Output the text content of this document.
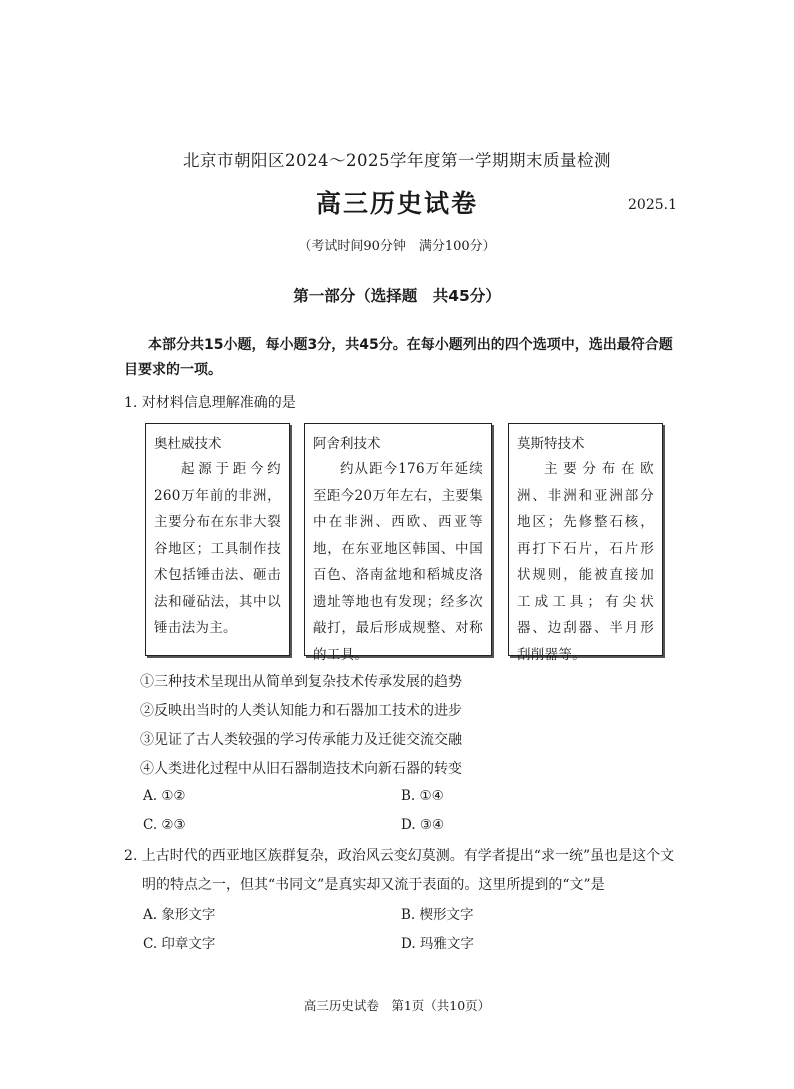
北京市朝阳区2024～2025学年度第一学期期末质量检测
高三历史试卷	2025.1
（考试时间90分钟　满分100分）
第一部分（选择题　共45分）
本部分共15小题，每小题3分，共45分。在每小题列出的四个选项中，选出最符合题
目要求的一项。
1. 对材料信息理解准确的是
奥杜威技术
起源于距今约260万年前的非洲，主要分布在东非大裂谷地区；工具制作技术包括锤击法、砸击法和碰砧法，其中以锤击法为主。
阿舍利技术
约从距今176万年延续至距今20万年左右，主要集中在非洲、西欧、西亚等地，在东亚地区韩国、中国百色、洛南盆地和稻城皮洛遗址等地也有发现；经多次敲打，最后形成规整、对称的工具。
莫斯特技术
主要分布在欧洲、非洲和亚洲部分地区；先修整石核，再打下石片，石片形状规则，能被直接加工成工具；有尖状器、边刮器、半月形刮削器等。
①三种技术呈现出从简单到复杂技术传承发展的趋势
②反映出当时的人类认知能力和石器加工技术的进步
③见证了古人类较强的学习传承能力及迁徙交流交融
④人类进化过程中从旧石器制造技术向新石器的转变
A. ①②	B. ①④
C. ②③	D. ③④
2. 上古时代的西亚地区族群复杂，政治风云变幻莫测。有学者提出“求一统”虽也是这个文
明的特点之一，但其“书同文”是真实却又流于表面的。这里所提到的“文”是
A. 象形文字	B. 楔形文字
C. 印章文字	D. 玛雅文字
高三历史试卷　第1页（共10页）
